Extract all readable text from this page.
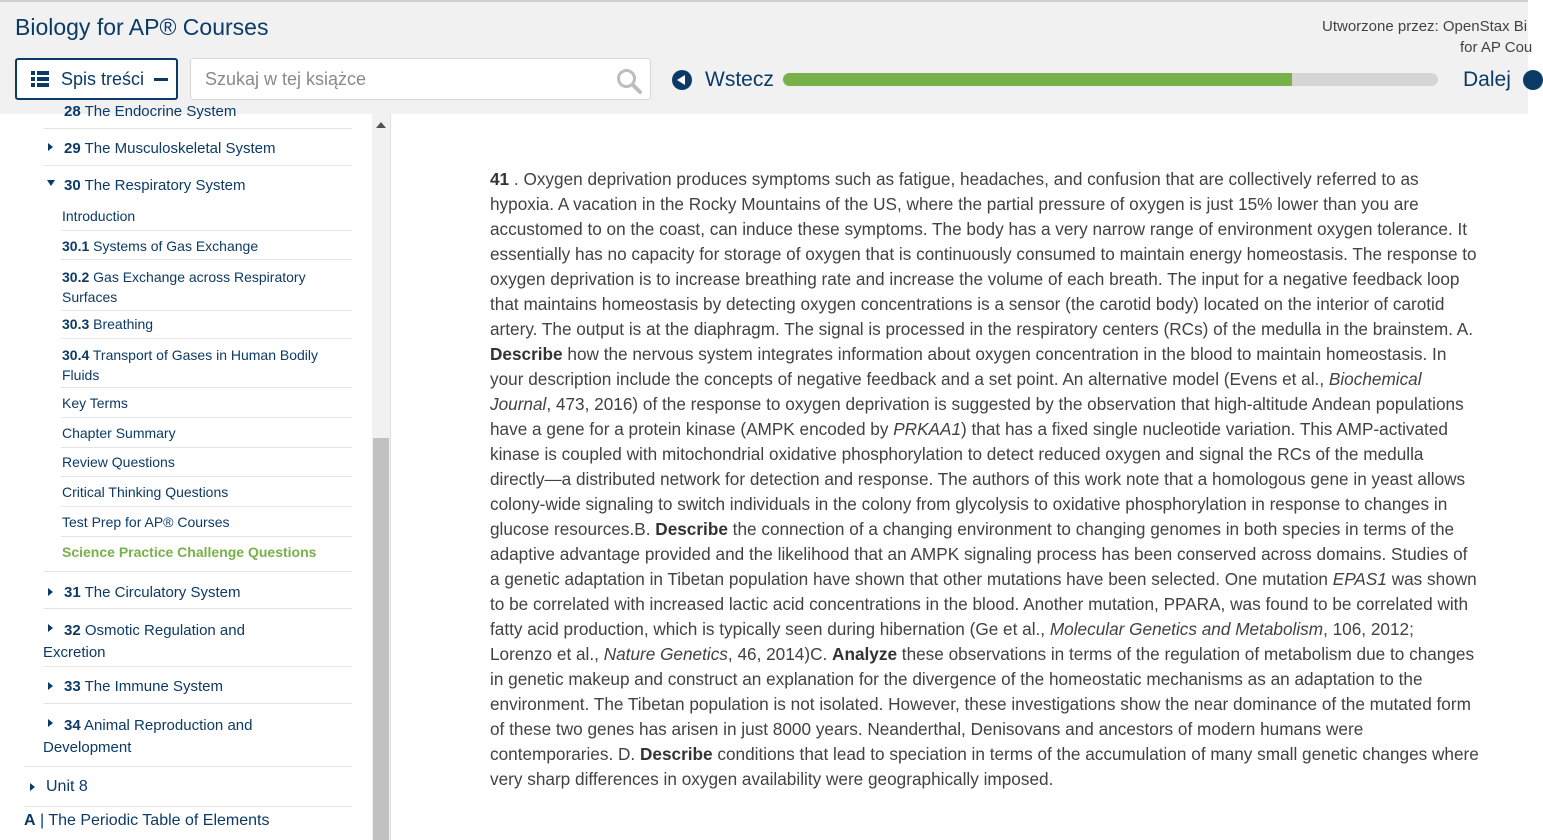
Biology for AP® Courses	Utworzone przez: OpenStax Bi
for AP Cou
Spis treści
Szukaj w tej książce	Wstecz	Dalej
28 The Endocrine System
29 The Musculoskeletal System
30 The Respiratory System
Introduction
30.1 Systems of Gas Exchange
30.2 Gas Exchange across Respiratory
Surfaces
30.3 Breathing
30.4 Transport of Gases in Human Bodily
Fluids
Key Terms
Chapter Summary
Review Questions
Critical Thinking Questions
Test Prep for AP® Courses
Science Practice Challenge Questions
31 The Circulatory System
32 Osmotic Regulation and
Excretion
33 The Immune System
34 Animal Reproduction and
Development
Unit 8
A | The Periodic Table of Elements

41 . Oxygen deprivation produces symptoms such as fatigue, headaches, and confusion that are collectively referred to as hypoxia. A vacation in the Rocky Mountains of the US, where the partial pressure of oxygen is just 15% lower than you are accustomed to on the coast, can induce these symptoms. The body has a very narrow range of environment oxygen tolerance. It essentially has no capacity for storage of oxygen that is continuously consumed to maintain energy homeostasis. The response to oxygen deprivation is to increase breathing rate and increase the volume of each breath. The input for a negative feedback loop that maintains homeostasis by detecting oxygen concentrations is a sensor (the carotid body) located on the interior of carotid artery. The output is at the diaphragm. The signal is processed in the respiratory centers (RCs) of the medulla in the brainstem. A. Describe how the nervous system integrates information about oxygen concentration in the blood to maintain homeostasis. In your description include the concepts of negative feedback and a set point. An alternative model (Evens et al., Biochemical Journal, 473, 2016) of the response to oxygen deprivation is suggested by the observation that high-altitude Andean populations have a gene for a protein kinase (AMPK encoded by PRKAA1) that has a fixed single nucleotide variation. This AMP-activated kinase is coupled with mitochondrial oxidative phosphorylation to detect reduced oxygen and signal the RCs of the medulla directly—a distributed network for detection and response. The authors of this work note that a homologous gene in yeast allows colony-wide signaling to switch individuals in the colony from glycolysis to oxidative phosphorylation in response to changes in glucose resources.B. Describe the connection of a changing environment to changing genomes in both species in terms of the adaptive advantage provided and the likelihood that an AMPK signaling process has been conserved across domains. Studies of a genetic adaptation in Tibetan population have shown that other mutations have been selected. One mutation EPAS1 was shown to be correlated with increased lactic acid concentrations in the blood. Another mutation, PPARA, was found to be correlated with fatty acid production, which is typically seen during hibernation (Ge et al., Molecular Genetics and Metabolism, 106, 2012; Lorenzo et al., Nature Genetics, 46, 2014)C. Analyze these observations in terms of the regulation of metabolism due to changes in genetic makeup and construct an explanation for the divergence of the homeostatic mechanisms as an adaptation to the environment. The Tibetan population is not isolated. However, these investigations show the near dominance of the mutated form of these two genes has arisen in just 8000 years. Neanderthal, Denisovans and ancestors of modern humans were contemporaries. D. Describe conditions that lead to speciation in terms of the accumulation of many small genetic changes where very sharp differences in oxygen availability were geographically imposed.
